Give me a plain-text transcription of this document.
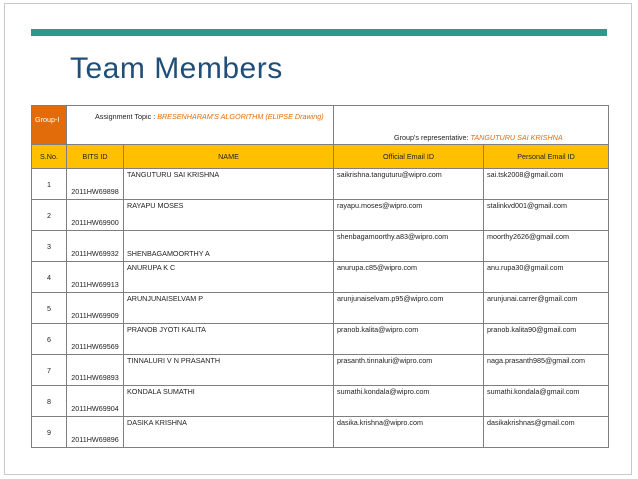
Team Members
Group-I	Assignment Topic : BRESENHARAM'S ALGORITHM (ELIPSE Drawing)		Group's representative: TANGUTURU SAI KRISHNA	
S.No.	BITS ID	NAME	Official Email ID	Personal Email ID
1	2011HW69898	TANGUTURU SAI KRISHNA	saikrishna.tanguturu@wipro.com	sai.tsk2008@gmail.com
2	2011HW69900	RAYAPU MOSES	rayapu.moses@wipro.com	stalinkvd001@gmail.com
3	2011HW69932	SHENBAGAMOORTHY A	shenbagamoorthy.a83@wipro.com	moorthy2626@gmail.com
4	2011HW69913	ANURUPA K C	anurupa.c85@wipro.com	anu.rupa30@gmail.com
5	2011HW69909	ARUNJUNAISELVAM P	arunjunaiselvam.p95@wipro.com	arunjunai.carrer@gmail.com
6	2011HW69569	PRANOB JYOTI KALITA	pranob.kalita@wipro.com	pranob.kalita90@gmail.com
7	2011HW69893	TINNALURI V N PRASANTH	prasanth.tinnaluri@wipro.com	naga.prasanth985@gmail.com
8	2011HW69904	KONDALA SUMATHI	sumathi.kondala@wipro.com	sumathi.kondala@gmail.com
9	2011HW69896	DASIKA KRISHNA	dasika.krishna@wipro.com	dasikakrishnas@gmail.com
